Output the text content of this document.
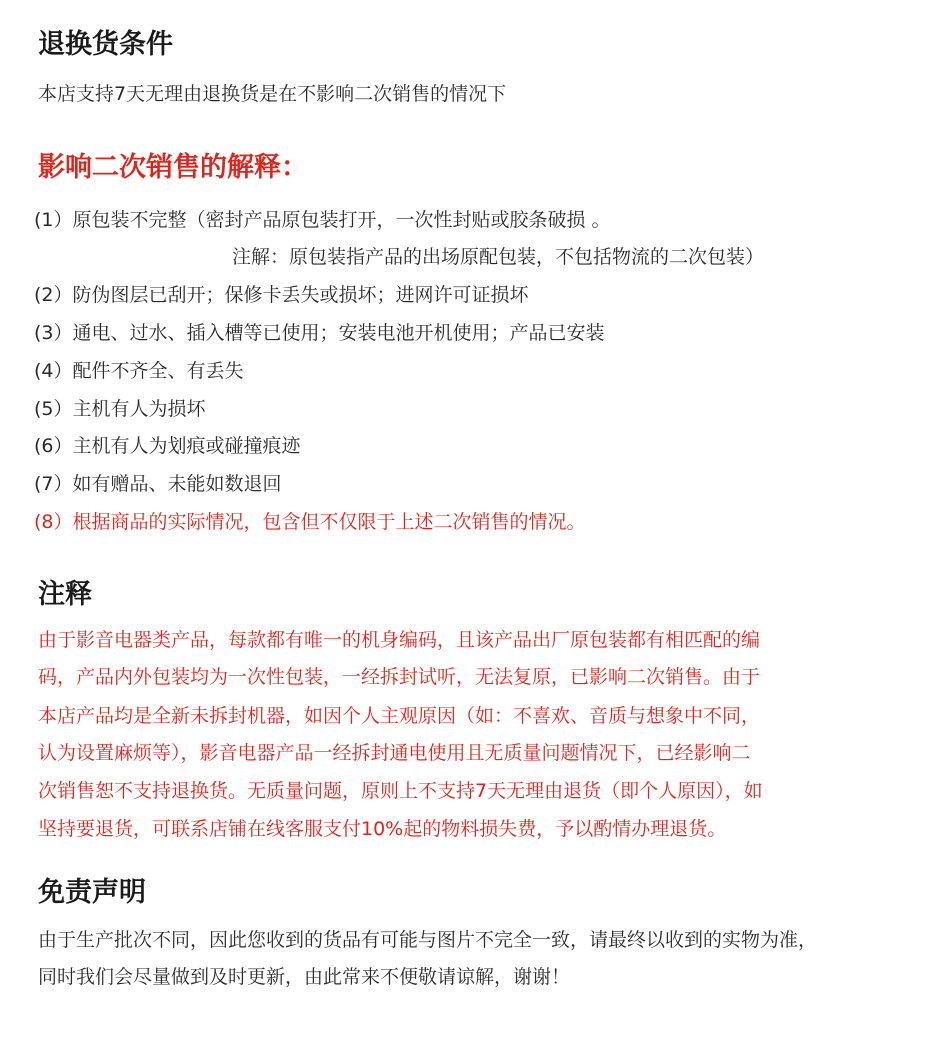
退换货条件
本店支持7天无理由退换货是在不影响二次销售的情况下
影响二次销售的解释：
(1）原包装不完整（密封产品原包装打开，一次性封贴或胶条破损 。
注解：原包装指产品的出场原配包装，不包括物流的二次包装）
(2）防伪图层已刮开；保修卡丢失或损坏；进网许可证损坏
(3）通电、过水、插入槽等已使用；安装电池开机使用；产品已安装
(4）配件不齐全、有丢失
(5）主机有人为损坏
(6）主机有人为划痕或碰撞痕迹
(7）如有赠品、未能如数退回
(8）根据商品的实际情况，包含但不仅限于上述二次销售的情况。
注释
由于影音电器类产品，每款都有唯一的机身编码，且该产品出厂原包装都有相匹配的编
码，产品内外包装均为一次性包装，一经拆封试听，无法复原，已影响二次销售。由于
本店产品均是全新未拆封机器，如因个人主观原因（如：不喜欢、音质与想象中不同，
认为设置麻烦等），影音电器产品一经拆封通电使用且无质量问题情况下，已经影响二
次销售恕不支持退换货。无质量问题，原则上不支持7天无理由退货（即个人原因），如
坚持要退货，可联系店铺在线客服支付10%起的物料损失费，予以酌情办理退货。
免责声明
由于生产批次不同，因此您收到的货品有可能与图片不完全一致，请最终以收到的实物为准，
同时我们会尽量做到及时更新，由此常来不便敬请谅解，谢谢！
